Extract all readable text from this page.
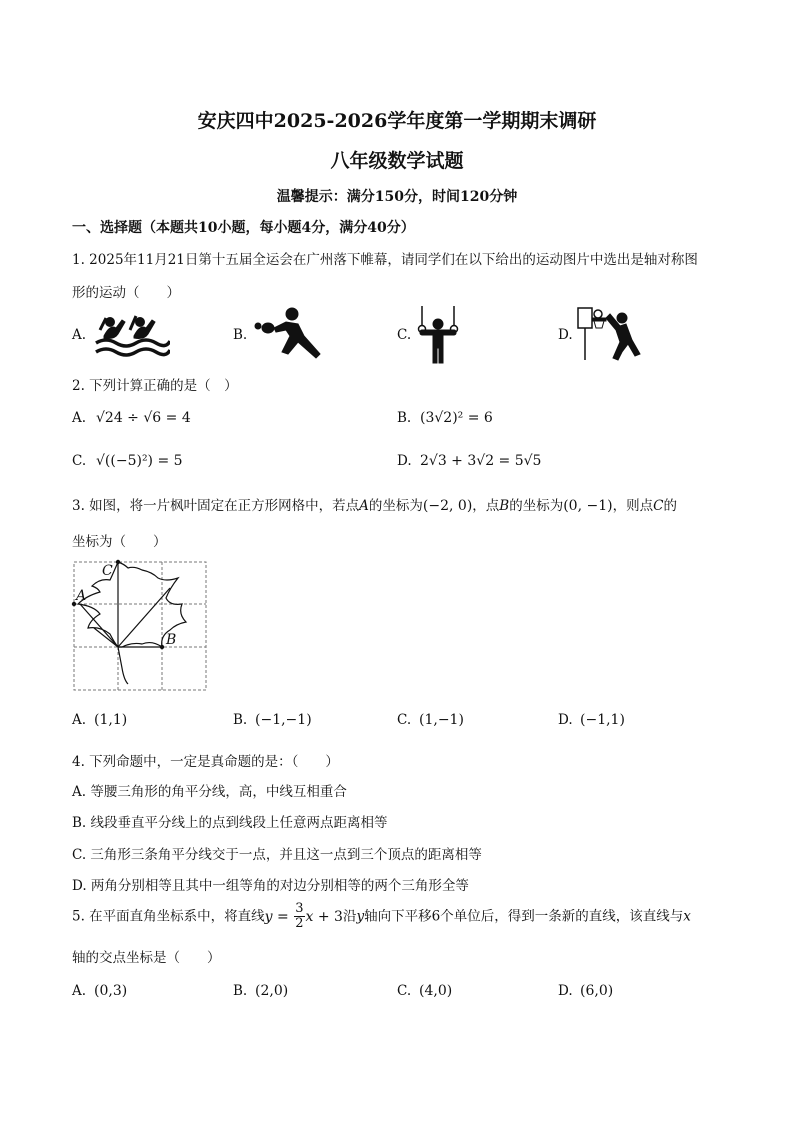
安庆四中2025-2026学年度第一学期期末调研
八年级数学试题
温馨提示：满分150分，时间120分钟
一、选择题（本题共10小题，每小题4分，满分40分）
1. 2025年11月21日第十五届全运会在广州落下帷幕，请同学们在以下给出的运动图片中选出是轴对称图
形的运动（　　）
A.	B.	C.	D.
2. 下列计算正确的是（　）
A. √24 ÷ √6 = 4	B. (3√2)² = 6
C. √((−5)²) = 5	D. 2√3 + 3√2 = 5√5
3. 如图，将一片枫叶固定在正方形网格中，若点A的坐标为(−2, 0)，点B的坐标为(0, −1)，则点C的
坐标为（　　）
A
C
B
A. (1,1)	B. (−1,−1)	C. (1,−1)	D. (−1,1)
4. 下列命题中，一定是真命题的是：（　　）
A. 等腰三角形的角平分线，高，中线互相重合
B. 线段垂直平分线上的点到线段上任意两点距离相等
C. 三角形三条角平分线交于一点，并且这一点到三个顶点的距离相等
D. 两角分别相等且其中一组等角的对边分别相等的两个三角形全等
5. 在平面直角坐标系中，将直线$y = \frac{3}{2}$ x + 3沿y轴向下平移6个单位后，得到一条新的直线，该直线与x
轴的交点坐标是（　　）
A. (0,3)	B. (2,0)	C. (4,0)	D. (6,0)
